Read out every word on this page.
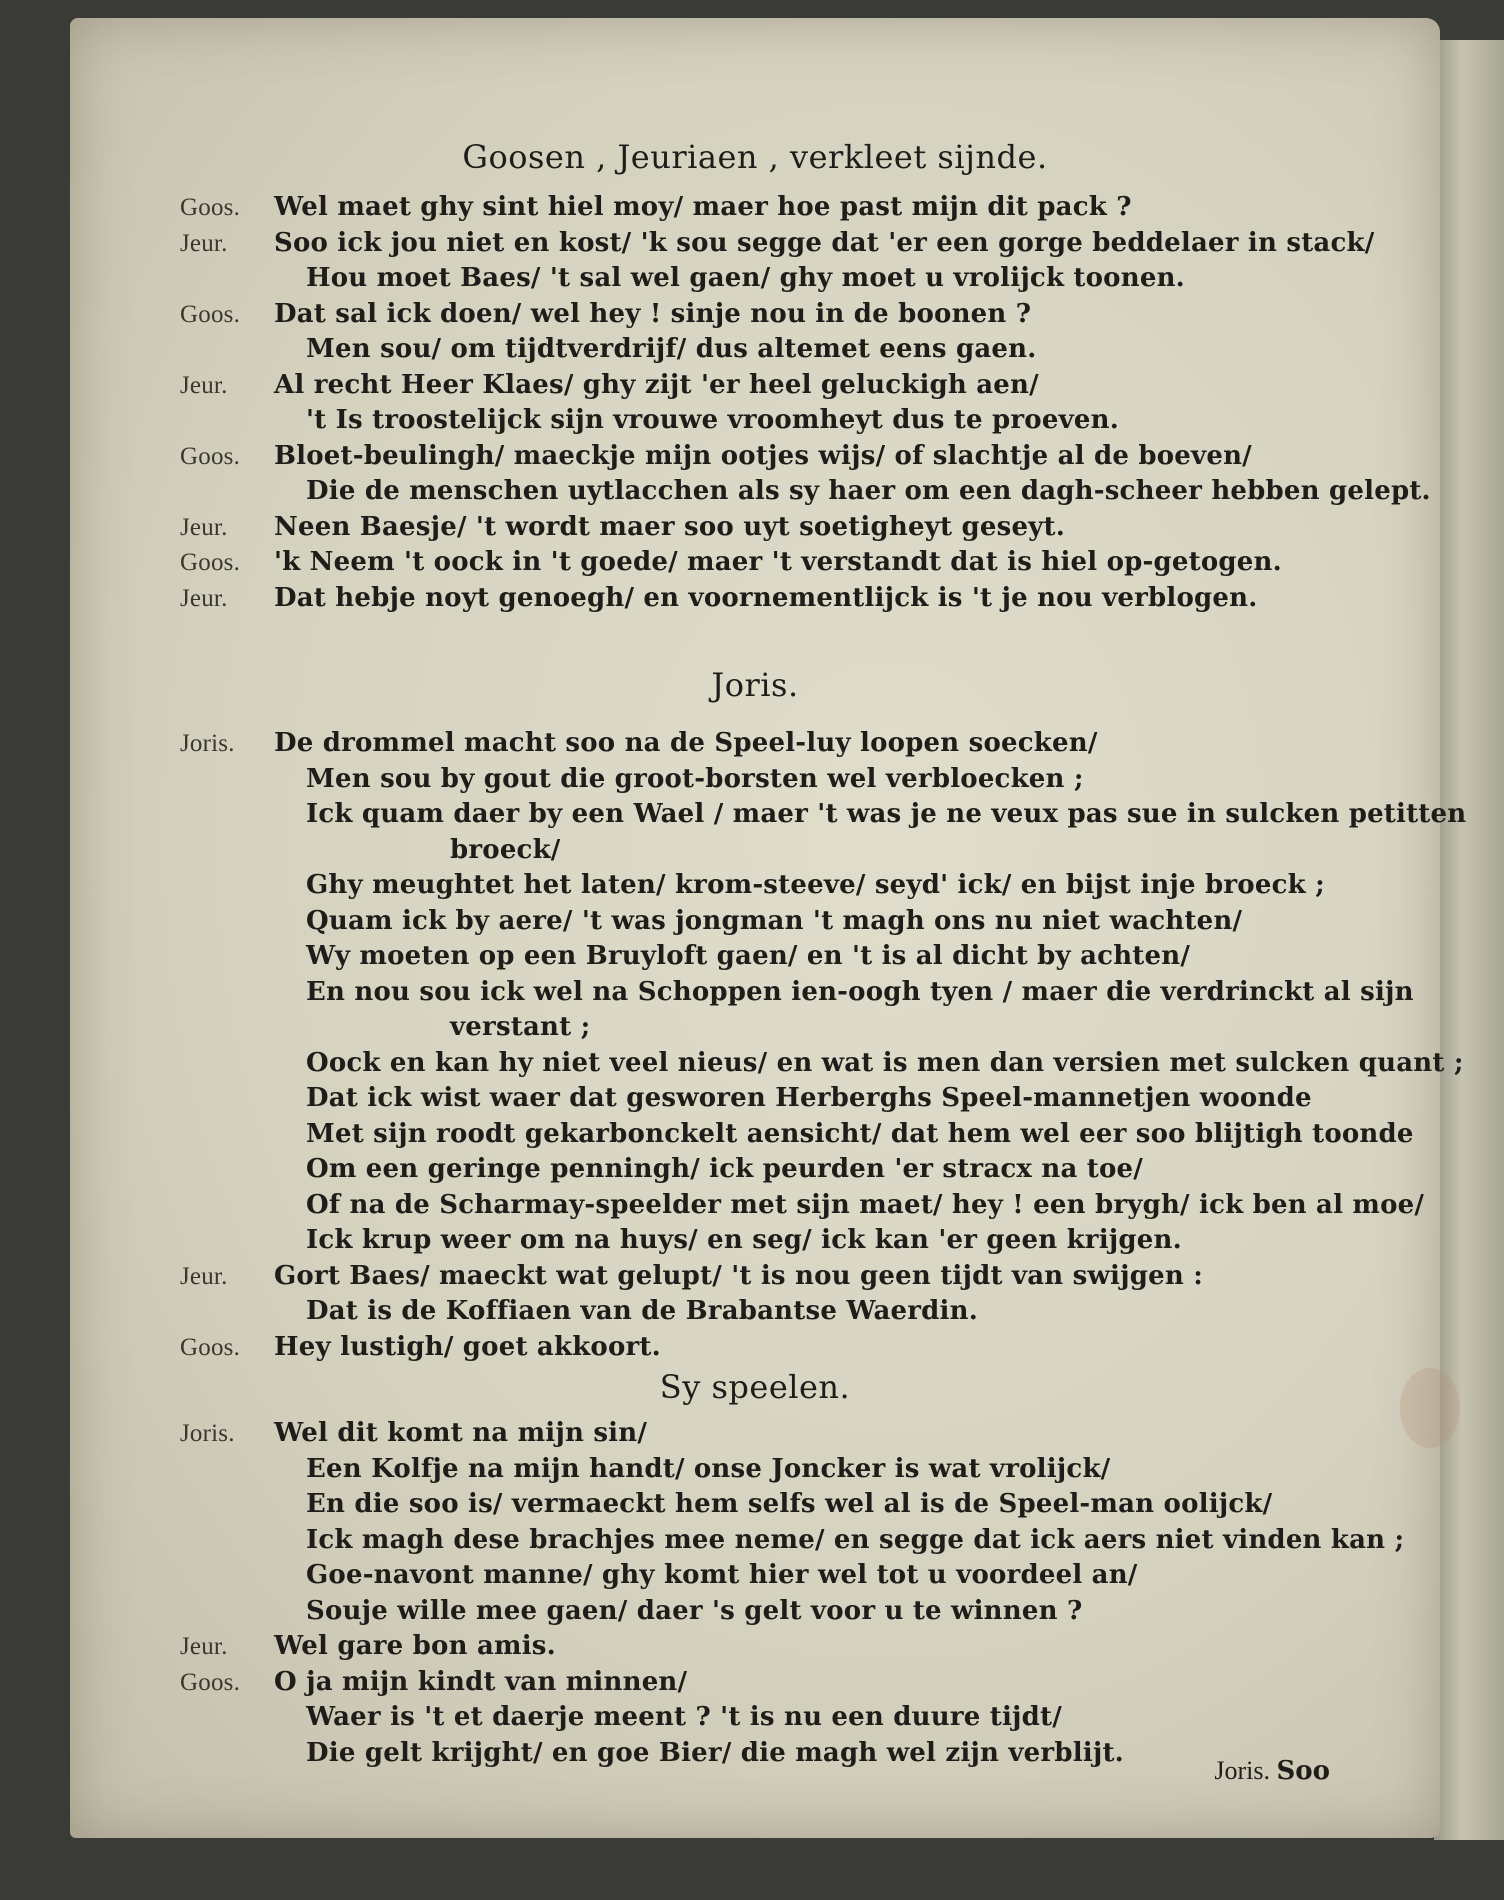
Goosen , Jeuriaen , verkleet sijnde.
Goos. Wel maet ghy sint hiel moy/ maer hoe past mijn dit pack ?
Jeur. Soo ick jou niet en kost/ 'k sou segge dat 'er een gorge beddelaer in stack/
Hou moet Baes/ 't sal wel gaen/ ghy moet u vrolijck toonen.
Goos. Dat sal ick doen/ wel hey ! sinje nou in de boonen ?
Men sou/ om tijdtverdrijf/ dus altemet eens gaen.
Jeur. Al recht Heer Klaes/ ghy zijt 'er heel geluckigh aen/
't Is troostelijck sijn vrouwe vroomheyt dus te proeven.
Goos. Bloet-beulingh/ maeckje mijn ootjes wijs/ of slachtje al de boeven/
Die de menschen uytlacchen als sy haer om een dagh-scheer hebben gelept.
Jeur. Neen Baesje/ 't wordt maer soo uyt soetigheyt geseyt.
Goos. 'k Neem 't oock in 't goede/ maer 't verstandt dat is hiel op-getogen.
Jeur. Dat hebje noyt genoegh/ en voornementlijck is 't je nou verblogen.
Joris.
Joris. De drommel macht soo na de Speel-luy loopen soecken/
Men sou by gout die groot-borsten wel verbloecken ;
Ick quam daer by een Wael / maer 't was je ne veux pas sue in sulcken petitten
broeck/
Ghy meughtet het laten/ krom-steeve/ seyd' ick/ en bijst inje broeck ;
Quam ick by aere/ 't was jongman 't magh ons nu niet wachten/
Wy moeten op een Bruyloft gaen/ en 't is al dicht by achten/
En nou sou ick wel na Schoppen ien-oogh tyen / maer die verdrinckt al sijn
verstant ;
Oock en kan hy niet veel nieus/ en wat is men dan versien met sulcken quant ;
Dat ick wist waer dat gesworen Herberghs Speel-mannetjen woonde
Met sijn roodt gekarbonckelt aensicht/ dat hem wel eer soo blijtigh toonde
Om een geringe penningh/ ick peurden 'er stracx na toe/
Of na de Scharmay-speelder met sijn maet/ hey ! een brygh/ ick ben al moe/
Ick krup weer om na huys/ en seg/ ick kan 'er geen krijgen.
Jeur. Gort Baes/ maeckt wat gelupt/ 't is nou geen tijdt van swijgen :
Dat is de Koffiaen van de Brabantse Waerdin.
Goos. Hey lustigh/ goet akkoort.
Sy speelen.
Joris. Wel dit komt na mijn sin/
Een Kolfje na mijn handt/ onse Joncker is wat vrolijck/
En die soo is/ vermaeckt hem selfs wel al is de Speel-man oolijck/
Ick magh dese brachjes mee neme/ en segge dat ick aers niet vinden kan ;
Goe-navont manne/ ghy komt hier wel tot u voordeel an/
Souje wille mee gaen/ daer 's gelt voor u te winnen ?
Jeur. Wel gare bon amis.
Goos. O ja mijn kindt van minnen/
Waer is 't et daerje meent ? 't is nu een duure tijdt/
Die gelt krijght/ en goe Bier/ die magh wel zijn verblijt.
Joris. Soo
